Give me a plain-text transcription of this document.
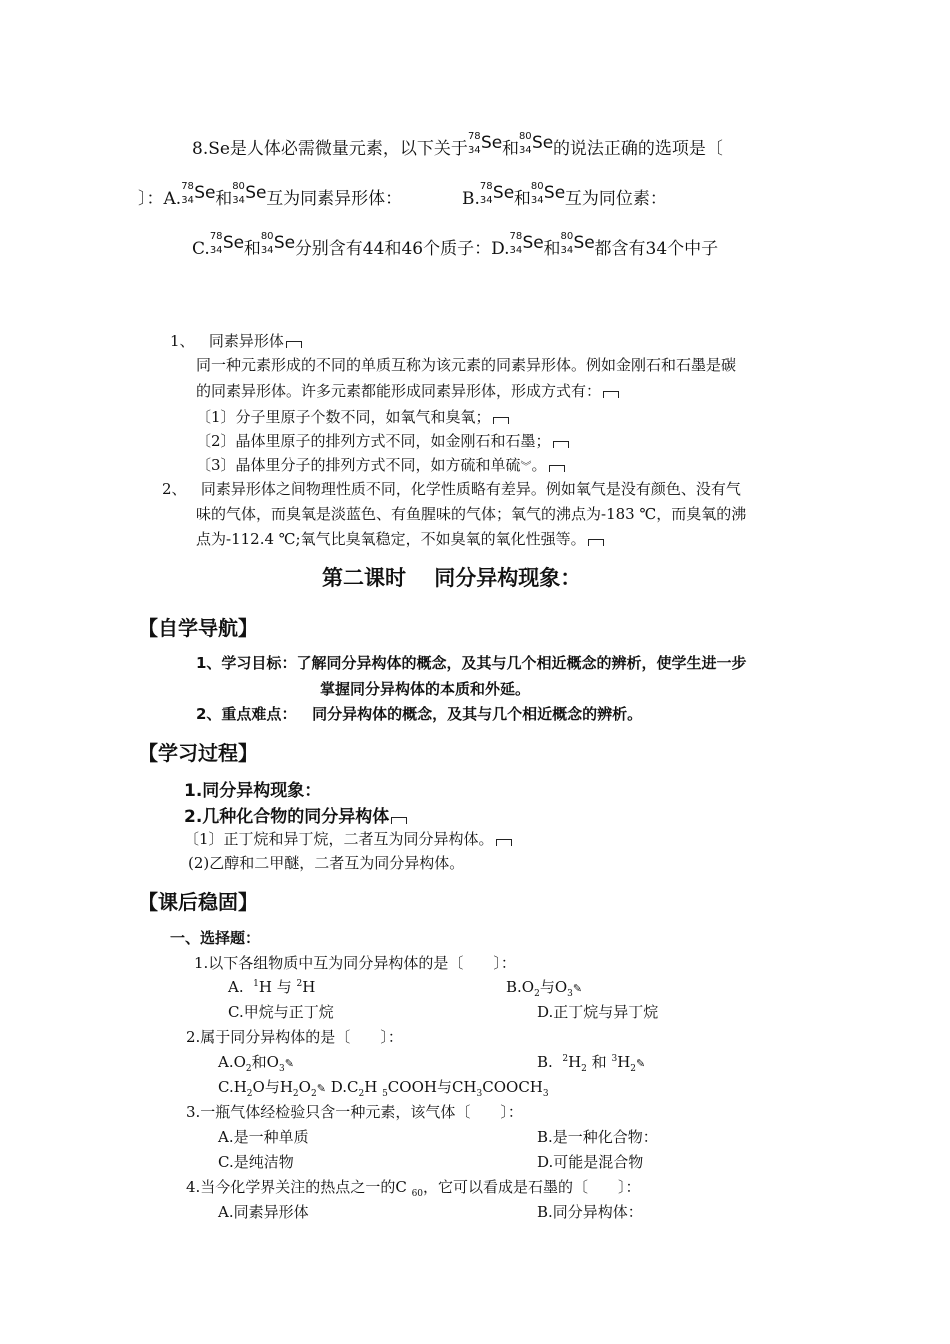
8.Se是人体必需微量元素，以下关于
78
34 Se 和
80
34 Se 的说法正确的选项是〔
〕：A.
78
34 Se 和
80
34 Se 互为同素异形体：	B.
78
34 Se 和
80
34 Se 互为同位素：
C.
78
34 Se 和
80
34 Se 分别含有44和46个质子：D.
78
34 Se 和
80
34 Se 都含有34个中子
1、 同素异形体
同一种元素形成的不同的单质互称为该元素的同素异形体。例如金刚石和石墨是碳
的同素异形体。许多元素都能形成同素异形体，形成方式有：
〔1〕分子里原子个数不同，如氧气和臭氧；
〔2〕晶体里原子的排列方式不同，如金刚石和石墨；
〔3〕晶体里分子的排列方式不同，如方硫和单硫︾。
2、 同素异形体之间物理性质不同，化学性质略有差异。例如氧气是没有颜色、没有气
味的气体，而臭氧是淡蓝色、有鱼腥味的气体；氧气的沸点为-183 ℃，而臭氧的沸
点为-112.4 ℃;氧气比臭氧稳定，不如臭氧的氧化性强等。
第二课时　 同分异构现象：
【自学导航】
1、学习目标：了解同分异构体的概念，及其与几个相近概念的辨析，使学生进一步
掌握同分异构体的本质和外延。
2、重点难点： 同分异构体的概念，及其与几个相近概念的辨析。
【学习过程】
1.同分异构现象：
2.几种化合物的同分异构体
〔1〕正丁烷和异丁烷，二者互为同分异构体。
(2)乙醇和二甲醚，二者互为同分异构体。
【课后稳固】
一、选择题：
1.以下各组物质中互为同分异构体的是〔　　〕：
A. $^1$H 与 $^2$H	$B.O_2$与$O_3✎$
C.甲烷与正丁烷	D.正丁烷与异丁烷
2.属于同分异构体的是〔　　〕：
$A.O_2$和$O_3✎$	B. $^2H_2$ 和 $^3H_2✎$
$C.H_2O$与$H_2O_2✎$ $D.C_2H$ $_5$COOH与$CH_3COOCH_3$
3.一瓶气体经检验只含一种元素，该气体〔　　〕：
A.是一种单质	B.是一种化合物：
C.是纯洁物	D.可能是混合物
4.当今化学界关注的热点之一的C $_{60}$，它可以看成是石墨的〔　　〕：
A.同素异形体	B.同分异构体：
